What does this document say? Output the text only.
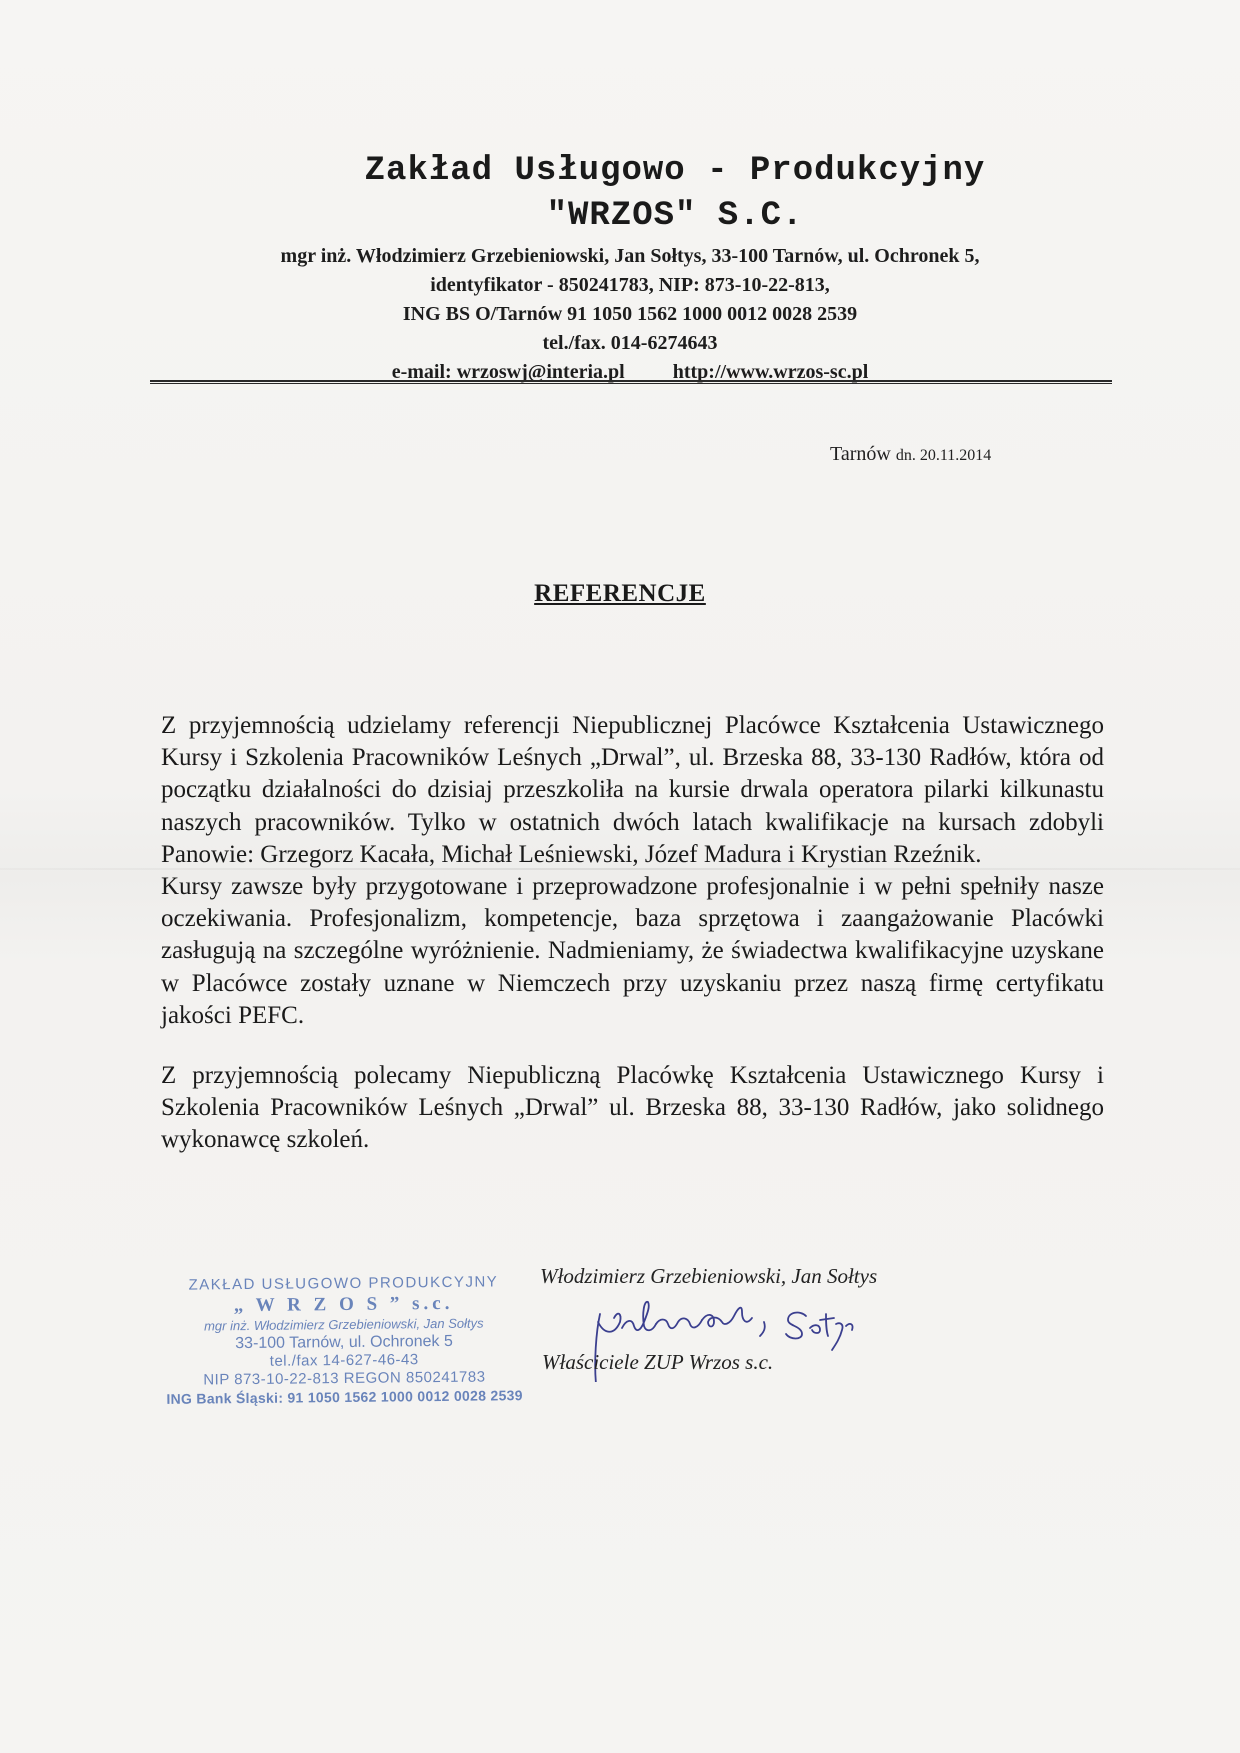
Zakład Usługowo - Produkcyjny
"WRZOS" S.C.
mgr inż. Włodzimierz Grzebieniowski, Jan Sołtys, 33-100 Tarnów, ul. Ochronek 5,
identyfikator - 850241783, NIP: 873-10-22-813,
ING BS O/Tarnów 91 1050 1562 1000 0012 0028 2539
tel./fax. 014-6274643
e-mail: wrzoswj@interia.pl http://www.wrzos-sc.pl
Tarnów dn. 20.11.2014
REFERENCJE

Z przyjemnością udzielamy referencji Niepublicznej Placówce Kształcenia Ustawicznego Kursy i Szkolenia Pracowników Leśnych „Drwal”, ul. Brzeska 88, 33-130 Radłów, która od początku działalności do dzisiaj przeszkoliła na kursie drwala operatora pilarki kilkunastu naszych pracowników. Tylko w ostatnich dwóch latach kwalifikacje na kursach zdobyli Panowie: Grzegorz Kacała, Michał Leśniewski, Józef Madura i Krystian Rzeźnik.

Kursy zawsze były przygotowane i przeprowadzone profesjonalnie i w pełni spełniły nasze oczekiwania. Profesjonalizm, kompetencje, baza sprzętowa i zaangażowanie Placówki zasługują na szczególne wyróżnienie. Nadmieniamy, że świadectwa kwalifikacyjne uzyskane w Placówce zostały uznane w Niemczech przy uzyskaniu przez naszą firmę certyfikatu jakości PEFC.

Z przyjemnością polecamy Niepubliczną Placówkę Kształcenia Ustawicznego Kursy i Szkolenia Pracowników Leśnych „Drwal” ul. Brzeska 88, 33-130 Radłów, jako solidnego wykonawcę szkoleń.

ZAKŁAD USŁUGOWO PRODUKCYJNY
„ W R Z O S ” s.c.
mgr inż. Włodzimierz Grzebieniowski, Jan Sołtys
33-100 Tarnów, ul. Ochronek 5
tel./fax 14-627-46-43
NIP 873-10-22-813 REGON 850241783
ING Bank Śląski: 91 1050 1562 1000 0012 0028 2539
Włodzimierz Grzebieniowski, Jan Sołtys
Właściciele ZUP Wrzos s.c.
